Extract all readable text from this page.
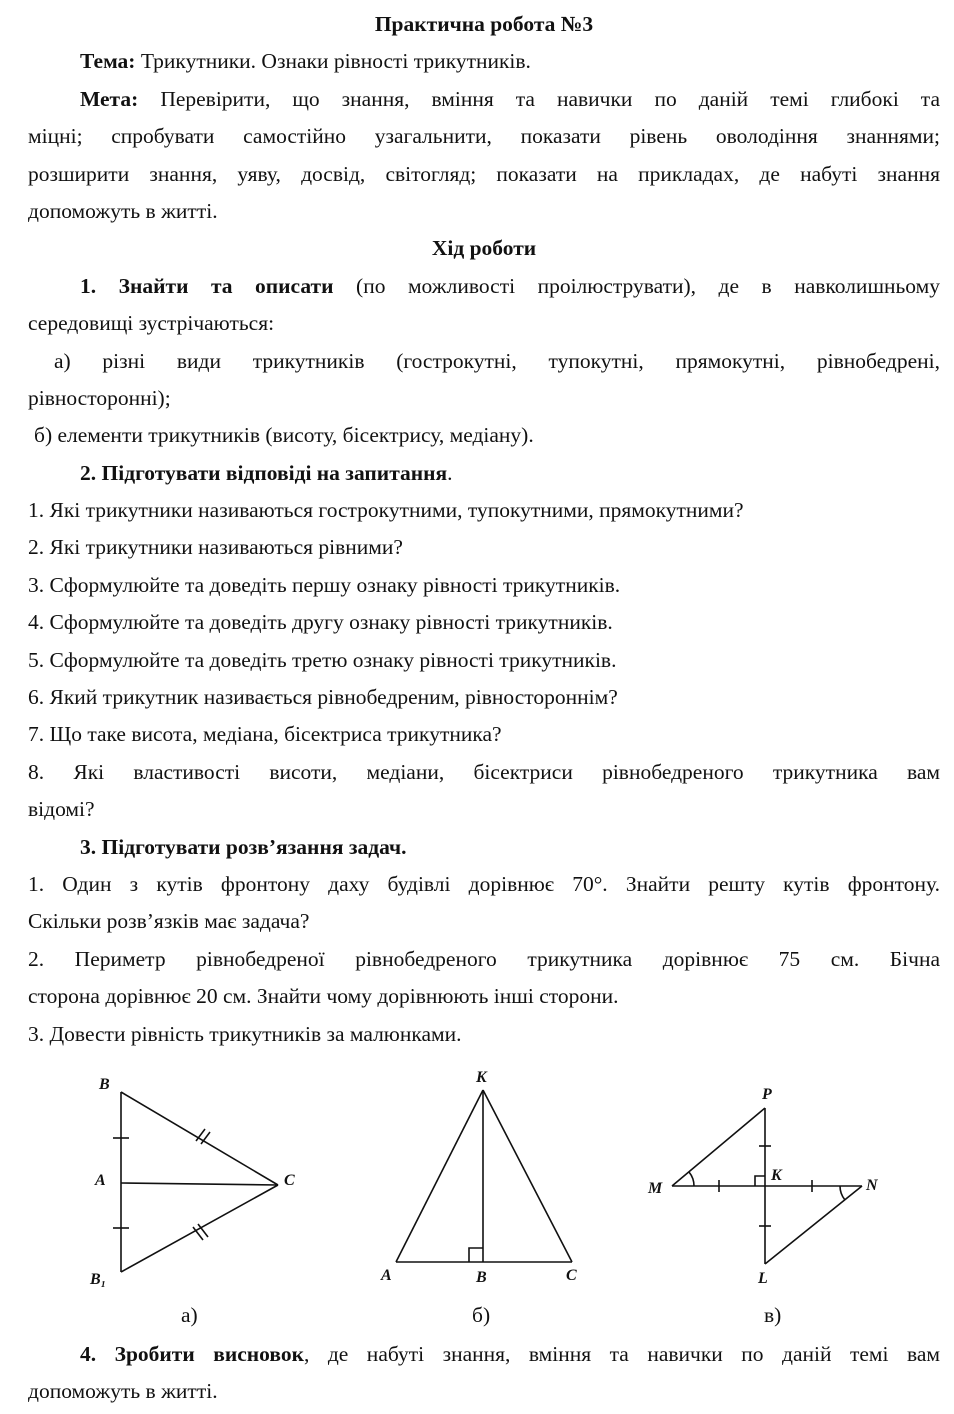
Практична робота №3
Тема: Трикутники. Ознаки рівності трикутників.
Мета: Перевірити, що знання, вміння та навички по даній темі глибокі та
міцні; спробувати самостійно узагальнити, показати рівень оволодіння знаннями;
розширити знання, уяву, досвід, світогляд; показати на прикладах, де набуті знання
допоможуть в житті.
Хід роботи
1. Знайти та описати (по можливості проілюструвати), де в навколишньому
середовищі зустрічаються:
а) різні види трикутників (гострокутні, тупокутні, прямокутні, рівнобедрені,
рівносторонні);
б) елементи трикутників (висоту, бісектрису, медіану).
2. Підготувати відповіді на запитання.
1. Які трикутники називаються гострокутними, тупокутними, прямокутними?
2. Які трикутники називаються рівними?
3. Сформулюйте та доведіть першу ознаку рівності трикутників.
4. Сформулюйте та доведіть другу ознаку рівності трикутників.
5. Сформулюйте та доведіть третю ознаку рівності трикутників.
6. Який трикутник називається рівнобедреним, рівностороннім?
7. Що таке висота, медіана, бісектриса трикутника?
8. Які властивості висоти, медіани, бісектриси рівнобедреного трикутника вам
відомі?
3. Підготувати розв’язання задач.
1. Один з кутів фронтону даху будівлі дорівнює 70°. Знайти решту кутів фронтону.
Скільки розв’язків має задача?
2. Периметр рівнобедреної рівнобедреного трикутника дорівнює 75 см. Бічна
сторона дорівнює 20 см. Знайти чому дорівнюють інші сторони.
3. Довести рівність трикутників за малюнками.
B
A	C
B₁
K
A	B	C
P
M
K
N
L
а)	б)	в)
4. Зробити висновок, де набуті знання, вміння та навички по даній темі вам
допоможуть в житті.
